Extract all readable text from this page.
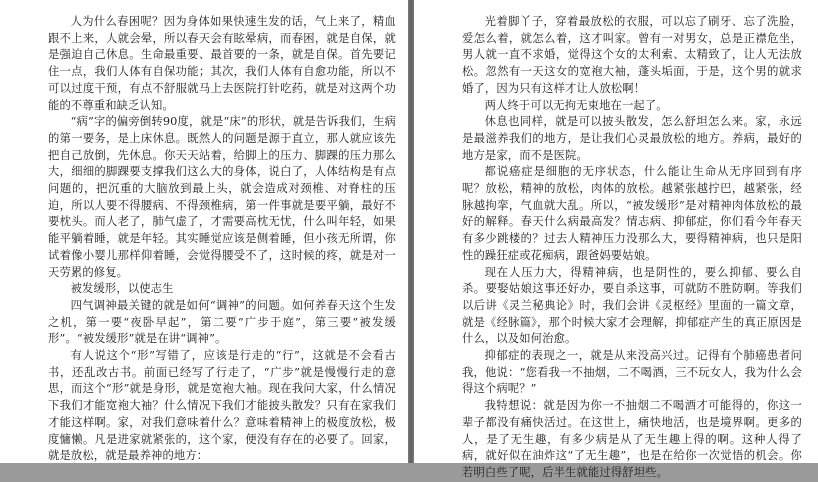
人为什么春困呢？因为身体如果快速生发的话，气上来了，精血跟不上来，人就会晕，所以春天会有眩晕病，而春困，就是自保，就是强迫自己休息。生命最重要、最首要的一条，就是自保。首先要记住一点，我们人体有自保功能；其次，我们人体有自愈功能，所以不可以过度干预，有点不舒服就马上去医院打针吃药，就是对这两个功能的不尊重和缺乏认知。

“病”字的偏旁倒转90度，就是“床”的形状，就是告诉我们，生病的第一要务，是上床休息。既然人的问题是源于直立，那人就应该先把自己放倒，先休息。你天天站着，给脚上的压力、脚踝的压力那么大，细细的脚踝要支撑我们这么大的身体，说白了，人体结构是有点问题的，把沉重的大脑放到最上头，就会造成对颈椎、对脊柱的压迫，所以人要不得腰病、不得颈椎病，第一件事就是要平躺，最好不要枕头。而人老了，肺气虚了，才需要高枕无忧，什么叫年轻，如果能平躺着睡，就是年轻。其实睡觉应该是侧着睡，但小孩无所谓，你试着像小婴儿那样仰着睡，会觉得腰受不了，这时候的疼，就是对一天劳累的修复。

被发缓形，以使志生

四气调神最关键的就是如何“调神”的问题。如何养春天这个生发之机，第一要“夜卧早起”，第二要“广步于庭”，第三要“被发缓形”。“被发缓形”就是在讲“调神”。

有人说这个“形”写错了，应该是行走的“行”，这就是不会看古书，还乱改古书。前面已经写了行走了，“广步”就是慢慢行走的意思，而这个“形”就是身形，就是宽袍大袖。现在我问大家，什么情况下我们才能宽袍大袖？什么情况下我们才能披头散发？只有在家我们才能这样啊。家，对我们意味着什么？意味着精神上的极度放松，极度慵懒。凡是进家就紧张的，这个家，便没有存在的必要了。回家，就是放松，就是最养神的地方：

光着脚丫子，穿着最放松的衣服，可以忘了刷牙、忘了洗脸，爱怎么着，就怎么着，这才叫家。曾有一对男女，总是正襟危坐，男人就一直不求婚，觉得这个女的太利索、太精致了，让人无法放松。忽然有一天这女的宽袍大袖，蓬头垢面，于是，这个男的就求婚了，因为只有这样才让人放松啊！

两人终于可以无拘无束地在一起了。

休息也同样，就是可以披头散发，怎么舒坦怎么来。家，永远是最滋养我们的地方，是让我们心灵最放松的地方。养病，最好的地方是家，而不是医院。

都说癌症是细胞的无序状态，什么能让生命从无序回到有序呢？放松，精神的放松，肉体的放松。越紧张越拧巴，越紧张，经脉越拘挛，气血就大乱。所以，“被发缓形”是对精神肉体放松的最好的解释。春天什么病最高发？情志病、抑郁症，你们看今年春天有多少跳楼的？过去人精神压力没那么大，要得精神病，也只是阳性的躁狂症或花痴病，跟爸妈要姑娘。

现在人压力大，得精神病，也是阴性的，要么抑郁、要么自杀。要娶姑娘这事还好办，要自杀这事，可就防不胜防啊。等我们以后讲《灵兰秘典论》时，我们会讲《灵枢经》里面的一篇文章，就是《经脉篇》，那个时候大家才会理解，抑郁症产生的真正原因是什么，以及如何治愈。

抑郁症的表现之一，就是从来没高兴过。记得有个肺癌患者问我，他说：“您看我一不抽烟，二不喝酒，三不玩女人，我为什么会得这个病呢？”

我特想说：就是因为你一不抽烟二不喝酒才可能得的，你这一辈子都没有痛快活过。在这世上，痛快地活，也是境界啊。更多的人，是了无生趣，有多少病是从了无生趣上得的啊。这种人得了病，就好似在油炸这“了无生趣”，也是在给你一次觉悟的机会。你若明白些了呢，后半生就能过得舒坦些。
